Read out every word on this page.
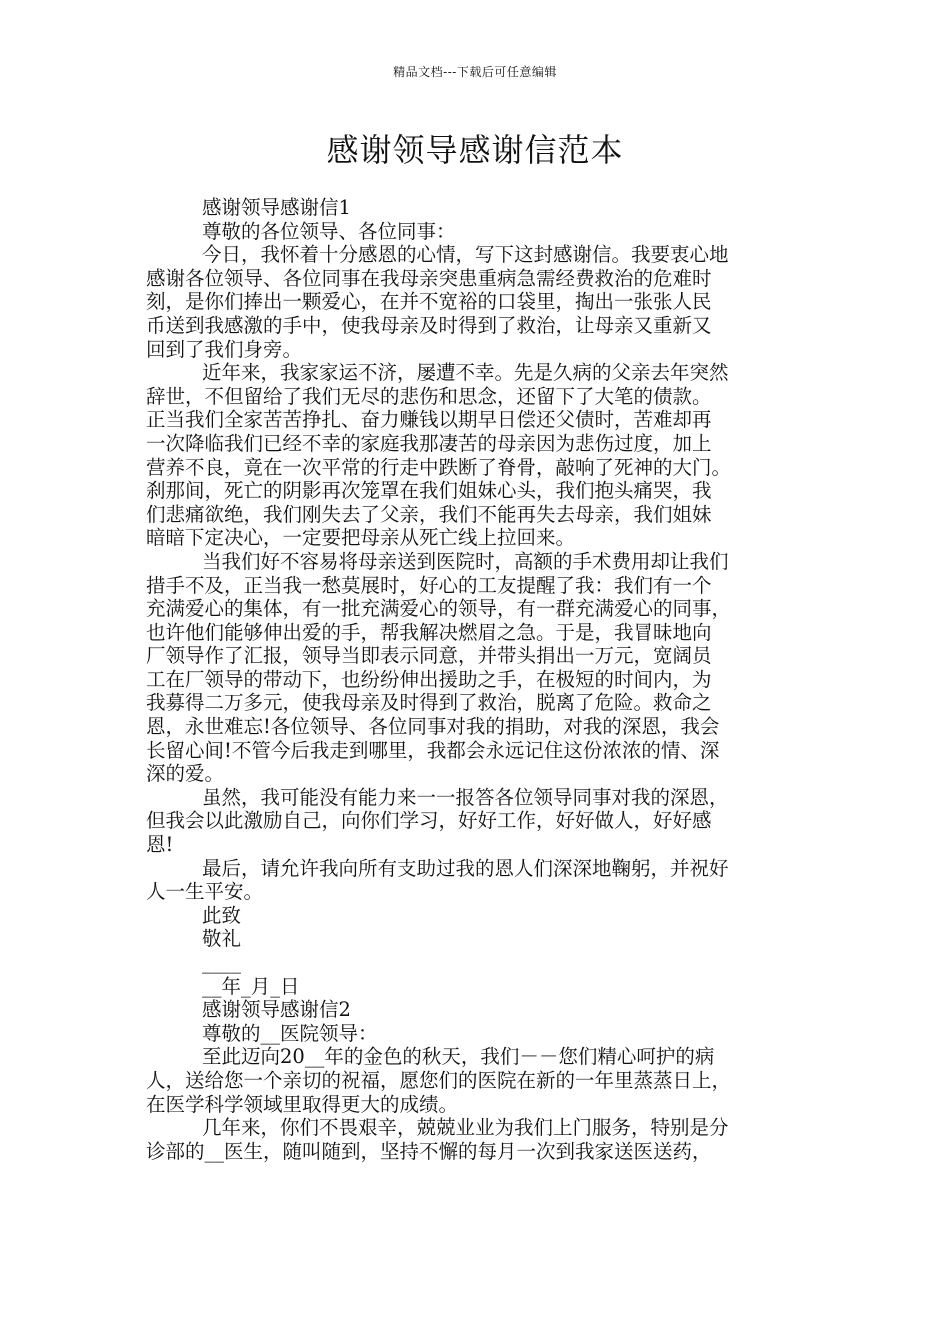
精品文档---下载后可任意编辑
感谢领导感谢信范本
感谢领导感谢信1
尊敬的各位领导、各位同事：
今日，我怀着十分感恩的心情，写下这封感谢信。我要衷心地
感谢各位领导、各位同事在我母亲突患重病急需经费救治的危难时
刻，是你们捧出一颗爱心，在并不宽裕的口袋里，掏出一张张人民
币送到我感激的手中，使我母亲及时得到了救治，让母亲又重新又
回到了我们身旁。
近年来，我家家运不济，屡遭不幸。先是久病的父亲去年突然
辞世，不但留给了我们无尽的悲伤和思念，还留下了大笔的债款。
正当我们全家苦苦挣扎、奋力赚钱以期早日偿还父债时，苦难却再
一次降临我们已经不幸的家庭我那凄苦的母亲因为悲伤过度，加上
营养不良，竟在一次平常的行走中跌断了脊骨，敲响了死神的大门。
刹那间，死亡的阴影再次笼罩在我们姐妹心头，我们抱头痛哭，我
们悲痛欲绝，我们刚失去了父亲，我们不能再失去母亲，我们姐妹
暗暗下定决心，一定要把母亲从死亡线上拉回来。
当我们好不容易将母亲送到医院时，高额的手术费用却让我们
措手不及，正当我一愁莫展时，好心的工友提醒了我：我们有一个
充满爱心的集体，有一批充满爱心的领导，有一群充满爱心的同事，
也许他们能够伸出爱的手，帮我解决燃眉之急。于是，我冒昧地向
厂领导作了汇报，领导当即表示同意，并带头捐出一万元，宽阔员
工在厂领导的带动下，也纷纷伸出援助之手，在极短的时间内，为
我募得二万多元，使我母亲及时得到了救治，脱离了危险。救命之
恩，永世难忘!各位领导、各位同事对我的捐助，对我的深恩，我会
长留心间!不管今后我走到哪里，我都会永远记住这份浓浓的情、深
深的爱。
虽然，我可能没有能力来一一报答各位领导同事对我的深恩，
但我会以此激励自己，向你们学习，好好工作，好好做人，好好感
恩!
最后，请允许我向所有支助过我的恩人们深深地鞠躬，并祝好
人一生平安。
此致
敬礼
____
__年_月_日
感谢领导感谢信2
尊敬的__医院领导：
至此迈向20__年的金色的秋天，我们－－您们精心呵护的病
人，送给您一个亲切的祝福，愿您们的医院在新的一年里蒸蒸日上，
在医学科学领域里取得更大的成绩。
几年来，你们不畏艰辛，兢兢业业为我们上门服务，特别是分
诊部的__医生，随叫随到，坚持不懈的每月一次到我家送医送药，
